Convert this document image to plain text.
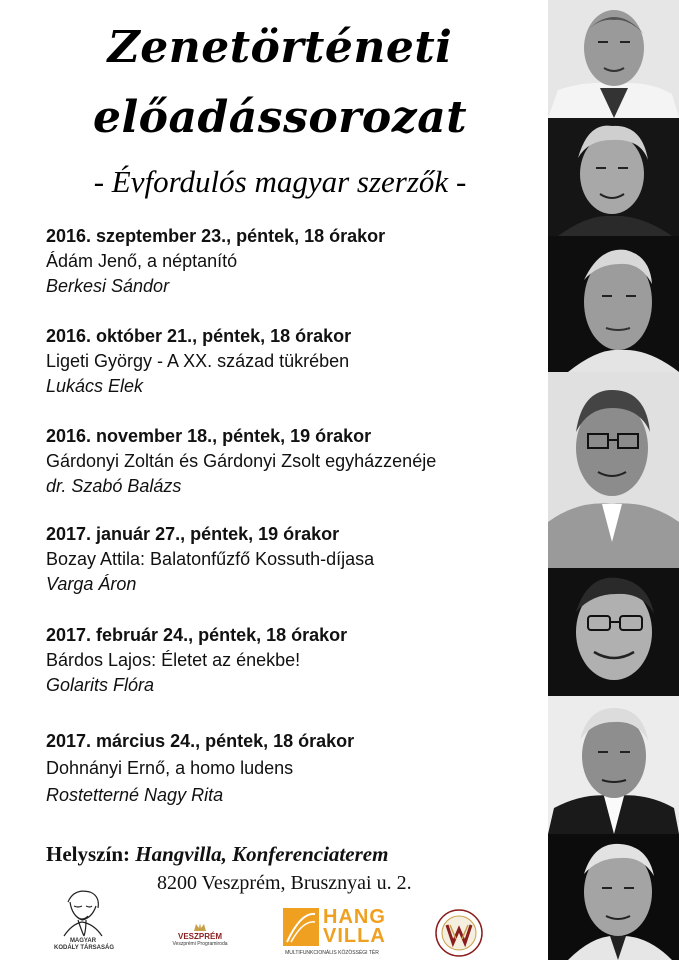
Zenetörténeti
előadássorozat
- Évfordulós magyar szerzők -
2016. szeptember 23., péntek, 18 órakor
Ádám Jenő, a néptanító
Berkesi Sándor
2016. október 21., péntek, 18 órakor
Ligeti György - A XX. század tükrében
Lukács Elek
2016. november 18., péntek, 19 órakor
Gárdonyi Zoltán és Gárdonyi Zsolt egyházzenéje
dr. Szabó Balázs
2017. január 27., péntek, 19 órakor
Bozay Attila: Balatonfűzfő Kossuth-díjasa
Varga Áron
2017. február 24., péntek, 18 órakor
Bárdos Lajos: Életet az énekbe!
Golarits Flóra
2017. március 24., péntek, 18 órakor
Dohnányi Ernő, a homo ludens
Rostetterné Nagy Rita
Helyszín: Hangvilla, Konferenciaterem
8200 Veszprém, Brusznyai u. 2.
MAGYAR
KODÁLY TÁRSASÁG
VESZPRÉM
Veszprémi Programiroda
HANG
VILLA
MULTIFUNKCIONÁLIS KÖZÖSSÉGI TÉR
